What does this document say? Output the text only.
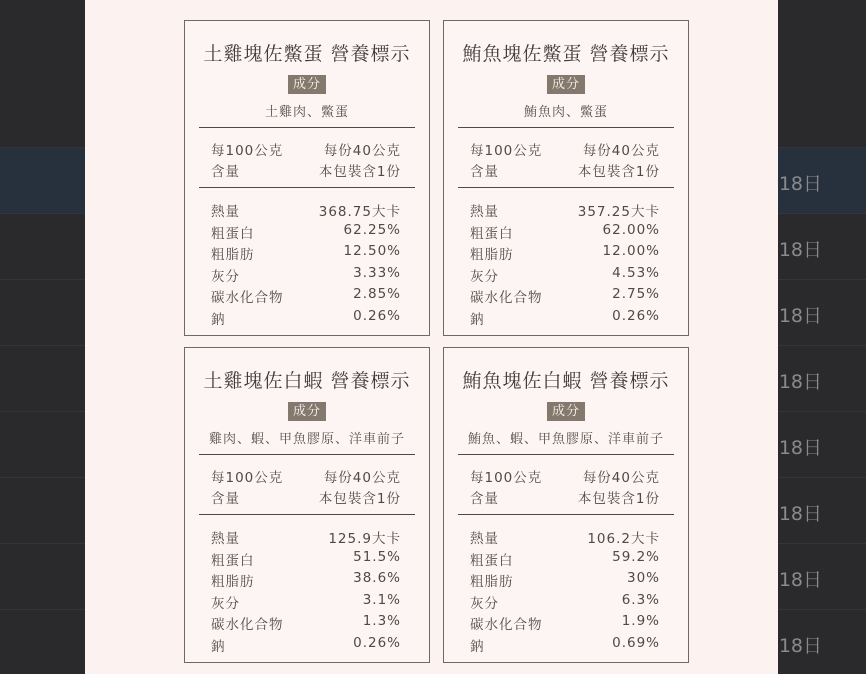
18日
18日
18日
18日
18日
18日
18日
18日
土雞塊佐鱉蛋 營養標示
成分
土雞肉、鱉蛋
每100公克	每份40公克
含量	本包裝含1份
熱量	368.75大卡
粗蛋白	62.25%
粗脂肪	12.50%
灰分	3.33%
碳水化合物	2.85%
鈉	0.26%
鮪魚塊佐鱉蛋 營養標示
成分
鮪魚肉、鱉蛋
每100公克	每份40公克
含量	本包裝含1份
熱量	357.25大卡
粗蛋白	62.00%
粗脂肪	12.00%
灰分	4.53%
碳水化合物	2.75%
鈉	0.26%
土雞塊佐白蝦 營養標示
成分
雞肉、蝦、甲魚膠原、洋車前子
每100公克	每份40公克
含量	本包裝含1份
熱量	125.9大卡
粗蛋白	51.5%
粗脂肪	38.6%
灰分	3.1%
碳水化合物	1.3%
鈉	0.26%
鮪魚塊佐白蝦 營養標示
成分
鮪魚、蝦、甲魚膠原、洋車前子
每100公克	每份40公克
含量	本包裝含1份
熱量	106.2大卡
粗蛋白	59.2%
粗脂肪	30%
灰分	6.3%
碳水化合物	1.9%
鈉	0.69%
